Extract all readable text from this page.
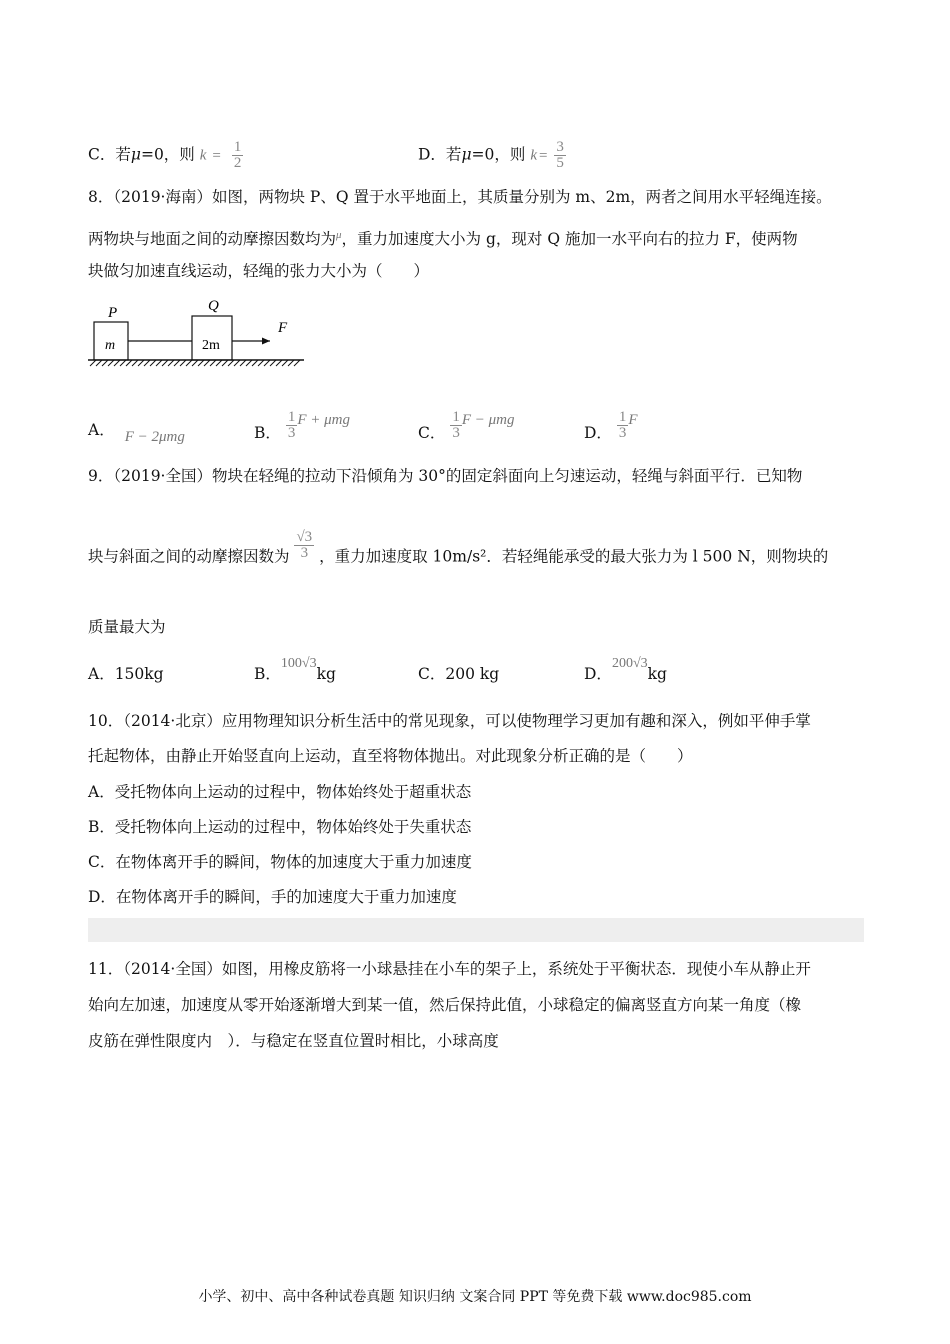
C．若μ=0，则 $k = \frac{1}{2}$	D．若μ=0，则 $k = \frac{3}{5}$
8．（2019·海南）如图，两物块 P、Q 置于水平地面上，其质量分别为 m、2m，两者之间用水平轻绳连接。
两物块与地面之间的动摩擦因数均为$^\mu$，重力加速度大小为 g，现对 Q 施加一水平向右的拉力 F，使两物
块做匀加速直线运动，轻绳的张力大小为（　　）
P	Q
m	2m
F
A． F − 2μmg	B． $\frac{1}{3}$ F + μmg
C． $\frac{1}{3}$ F − μmg
D． $\frac{1}{3}$ F
9．（2019·全国）物块在轻绳的拉动下沿倾角为 30°的固定斜面向上匀速运动，轻绳与斜面平行．已知物
块与斜面之间的动摩擦因数为 $\frac{√3}{3}$ ，重力加速度取 10m/s²．若轻绳能承受的最大张力为 l 500 N，则物块的
质量最大为
A．150kg	B．100√3kg	C．200 kg	D．200√3kg
10．（2014·北京）应用物理知识分析生活中的常见现象，可以使物理学习更加有趣和深入，例如平伸手掌
托起物体，由静止开始竖直向上运动，直至将物体抛出。对此现象分析正确的是（　　）
A．受托物体向上运动的过程中，物体始终处于超重状态
B．受托物体向上运动的过程中，物体始终处于失重状态
C．在物体离开手的瞬间，物体的加速度大于重力加速度
D．在物体离开手的瞬间，手的加速度大于重力加速度
11．（2014·全国）如图，用橡皮筋将一小球悬挂在小车的架子上，系统处于平衡状态．现使小车从静止开
始向左加速，加速度从零开始逐渐增大到某一值，然后保持此值，小球稳定的偏离竖直方向某一角度（橡
皮筋在弹性限度内　）．与稳定在竖直位置时相比，小球高度
小学、初中、高中各种试卷真题 知识归纳 文案合同 PPT 等免费下载 www.doc985.com
